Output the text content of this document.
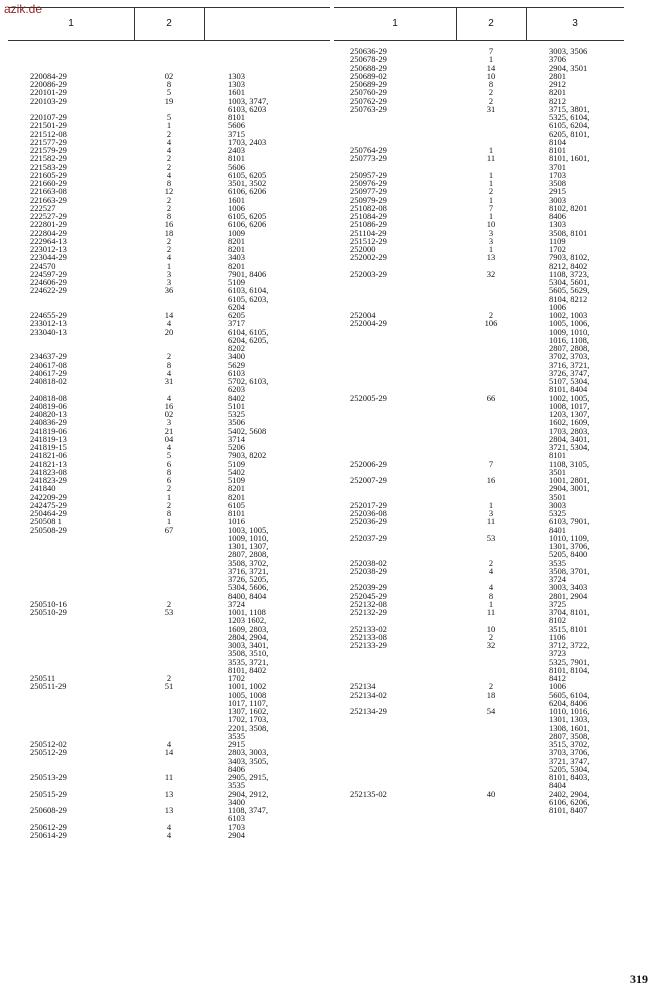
azik.de
1	2
220084-29	02	1303
220086-29	8	1303
220101-29	5	1601
220103-29	19	1003, 3747,
6103, 6203
220107-29	5	8101
221501-29	1	5606
221512-08	2	3715
221577-29	4	1703, 2403
221579-29	4	2403
221582-29	2	8101
221583-29	2	5606
221605-29	4	6105, 6205
221660-29	8	3501, 3502
221663-08	12	6106, 6206
221663-29	2	1601
222527	2	1006
222527-29	8	6105, 6205
222801-29	16	6106, 6206
222804-29	18	1009
222964-13	2	8201
223012-13	2	8201
223044-29	4	3403
224570	1	8201
224597-29	3	7901, 8406
224606-29	3	5109
224622-29	36	6103, 6104,
6105, 6203,
6204
224655-29	14	6205
233012-13	4	3717
233040-13	20	6104, 6105,
6204, 6205,
8202
234637-29	2	3400
240617-08	8	5629
240617-29	4	6103
240818-02	31	5702, 6103,
6203
240818-08	4	8402
240819-06	16	5101
240820-13	02	5325
240836-29	3	3506
241819-06	21	5402, 5608
241819-13	04	3714
241819-15	4	5206
241821-06	5	7903, 8202
241821-13	6	5109
241823-08	8	5402
241823-29	6	5109
241840	2	8201
242209-29	1	8201
242475-29	2	6105
250464-29	8	8101
250508 1	1	1016
250508-29	67	1003, 1005,
1009, 1010,
1301, 1307,
2807, 2808,
3508, 3702,
3716, 3721,
3726, 5205,
5304, 5606,
8400, 8404
250510-16	2	3724
250510-29	53	1001, 1108
1203 1602,
1609, 2803,
2804, 2904,
3003, 3401,
3508, 3510,
3535, 3721,
8101, 8402
250511	2	1702
250511-29	51	1001, 1002
1005, 1008
1017, 1107,
1307, 1602,
1702, 1703,
2201, 3508,
3535
250512-02	4	2915
250512-29	14	2803, 3003,
3403, 3505,
8406
250513-29	11	2905, 2915,
3535
250515-29	13	2904, 2912,
3400
250608-29	13	1108, 3747,
6103
250612-29	4	1703
250614-29	4	2904
1	2	3
250636-29	7	3003, 3506
250678-29	1	3706
250688-29	14	2904, 3501
250689-02	10	2801
250689-29	8	2912
250760-29	2	8201
250762-29	2	8212
250763-29	31	3715, 3801,
5325, 6104,
6105, 6204,
6205, 8101,
8104
250764-29	1	8101
250773-29	11	8101, 1601,
3701
250957-29	1	1703
250976-29	1	3508
250977-29	2	2915
250979-29	1	3003
251082-08	7	8102, 8201
251084-29	1	8406
251086-29	10	1303
251104-29	3	3508, 8101
251512-29	3	1109
252000	1	1702
252002-29	13	7903, 8102,
8212, 8402
252003-29	32	1108, 3723,
5304, 5601,
5605, 5629,
8104, 8212
1006
252004	2	1002, 1003
252004-29	106	1005, 1006,
1009, 1010,
1016, 1108,
2807, 2808,
3702, 3703,
3716, 3721,
3726, 3747,
5107, 5304,
8101, 8404
252005-29	66	1002, 1005,
1008, 1017,
1203, 1307,
1602, 1609,
1703, 2803,
2804, 3401,
3721, 5304,
8101
252006-29	7	1108, 3105,
3501
252007-29	16	1001, 2801,
2904, 3001,
3501
252017-29	1	3003
252036-08	3	5325
252036-29	11	6103, 7901,
8401
252037-29	53	1010, 1109,
1301, 3706,
5205, 8400
252038-02	2	3535
252038-29	4	3508, 3701,
3724
252039-29	4	3003, 3403
252045-29	8	2801, 2904
252132-08	1	3725
252132-29	11	3704, 8101,
8102
252133-02	10	3515, 8101
252133-08	2	1106
252133-29	32	3712, 3722,
3723
5325, 7901,
8101, 8104,
8412
252134	2	1006
252134-02	18	5605, 6104,
6204, 8406
252134-29	54	1010, 1016,
1301, 1303,
1308, 1601,
2807, 3508,
3515, 3702,
3703, 3706,
3721, 3747,
5205, 5304,
8101, 8403,
8404
252135-02	40	2402, 2904,
6106, 6206,
8101, 8407
319
